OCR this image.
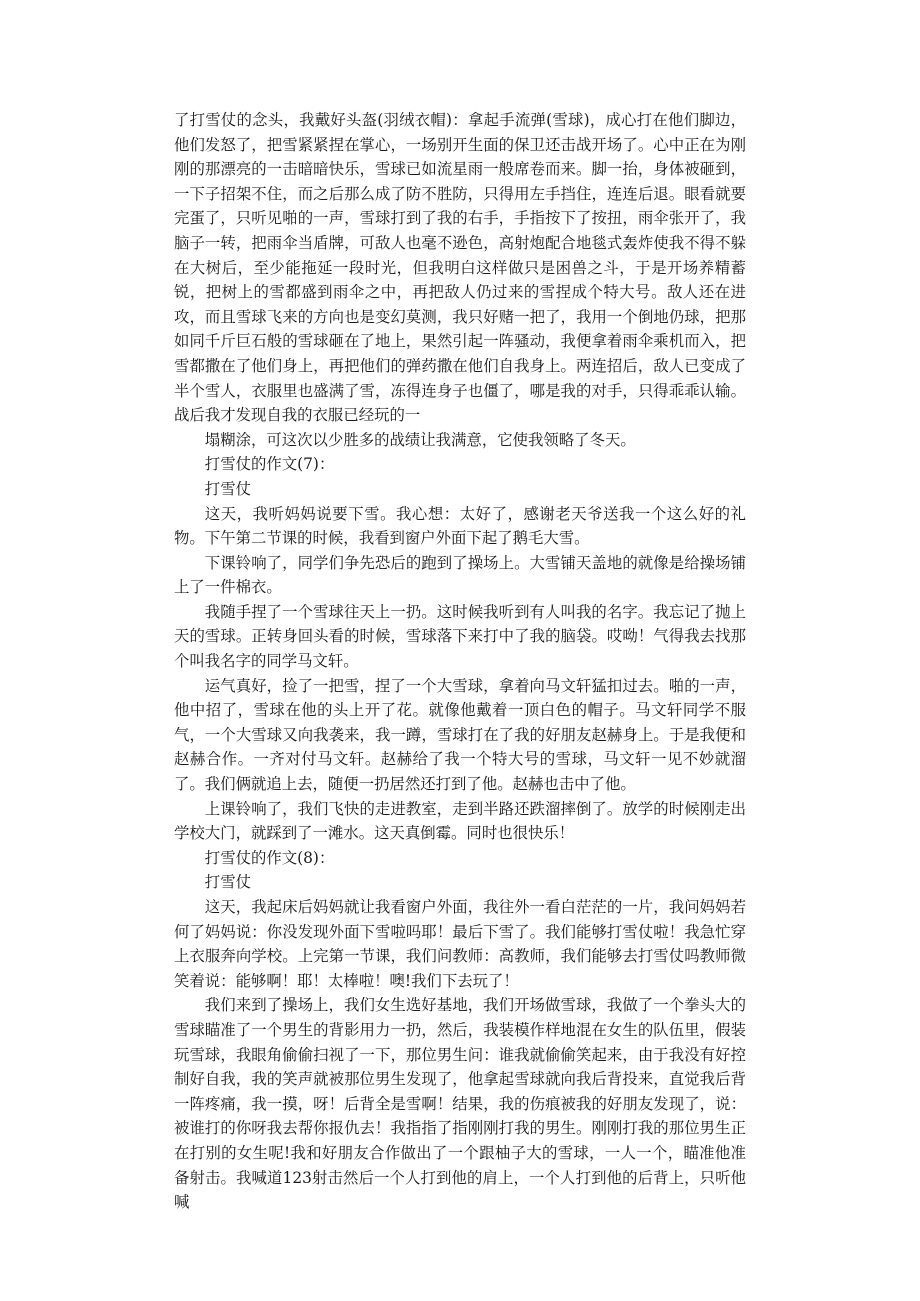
了打雪仗的念头，我戴好头盔(羽绒衣帽)：拿起手流弹(雪球)，成心打在他们脚边，他们发怒了，把雪紧紧捏在掌心，一场别开生面的保卫还击战开场了。心中正在为刚刚的那漂亮的一击暗暗快乐，雪球已如流星雨一般席卷而来。脚一抬，身体被砸到，一下子招架不住，而之后那么成了防不胜防，只得用左手挡住，连连后退。眼看就要完蛋了，只听见啪的一声，雪球打到了我的右手，手指按下了按扭，雨伞张开了，我脑子一转，把雨伞当盾牌，可敌人也毫不逊色，高射炮配合地毯式轰炸使我不得不躲在大树后，至少能拖延一段时光，但我明白这样做只是困兽之斗，于是开场养精蓄锐，把树上的雪都盛到雨伞之中，再把敌人仍过来的雪捏成个特大号。敌人还在进攻，而且雪球飞来的方向也是变幻莫测，我只好赌一把了，我用一个倒地仍球，把那如同千斤巨石般的雪球砸在了地上，果然引起一阵骚动，我便拿着雨伞乘机而入，把雪都撒在了他们身上，再把他们的弹药撒在他们自我身上。两连招后，敌人已变成了半个雪人，衣服里也盛满了雪，冻得连身子也僵了，哪是我的对手，只得乖乖认输。战后我才发现自我的衣服已经玩的一

塌糊涂，可这次以少胜多的战绩让我满意，它使我领略了冬天。

打雪仗的作文(7)：

打雪仗

这天，我听妈妈说要下雪。我心想：太好了，感谢老天爷送我一个这么好的礼物。下午第二节课的时候，我看到窗户外面下起了鹅毛大雪。

下课铃响了，同学们争先恐后的跑到了操场上。大雪铺天盖地的就像是给操场铺上了一件棉衣。

我随手捏了一个雪球往天上一扔。这时候我听到有人叫我的名字。我忘记了抛上天的雪球。正转身回头看的时候，雪球落下来打中了我的脑袋。哎呦！气得我去找那个叫我名字的同学马文轩。

运气真好，捡了一把雪，捏了一个大雪球，拿着向马文轩猛扣过去。啪的一声，他中招了，雪球在他的头上开了花。就像他戴着一顶白色的帽子。马文轩同学不服气，一个大雪球又向我袭来，我一蹲，雪球打在了我的好朋友赵赫身上。于是我便和赵赫合作。一齐对付马文轩。赵赫给了我一个特大号的雪球，马文轩一见不妙就溜了。我们俩就追上去，随便一扔居然还打到了他。赵赫也击中了他。

上课铃响了，我们飞快的走进教室，走到半路还跌溜摔倒了。放学的时候刚走出学校大门，就踩到了一滩水。这天真倒霉。同时也很快乐！

打雪仗的作文(8)：

打雪仗

这天，我起床后妈妈就让我看窗户外面，我往外一看白茫茫的一片，我问妈妈若何了妈妈说：你没发现外面下雪啦吗耶！最后下雪了。我们能够打雪仗啦！我急忙穿上衣服奔向学校。上完第一节课，我们问教师：高教师，我们能够去打雪仗吗教师微笑着说：能够啊！耶！太棒啦！噢!我们下去玩了！

我们来到了操场上，我们女生选好基地，我们开场做雪球，我做了一个拳头大的雪球瞄准了一个男生的背影用力一扔，然后，我装模作样地混在女生的队伍里，假装玩雪球，我眼角偷偷扫视了一下，那位男生问：谁我就偷偷笑起来，由于我没有好控制好自我，我的笑声就被那位男生发现了，他拿起雪球就向我后背投来，直觉我后背一阵疼痛，我一摸，呀！后背全是雪啊！结果，我的伤痕被我的好朋友发现了，说：被谁打的你呀我去帮你报仇去！我指指了指刚刚打我的男生。刚刚打我的那位男生正在打别的女生呢!我和好朋友合作做出了一个跟柚子大的雪球，一人一个，瞄准他准备射击。我喊道123射击然后一个人打到他的肩上，一个人打到他的后背上，只听他喊
